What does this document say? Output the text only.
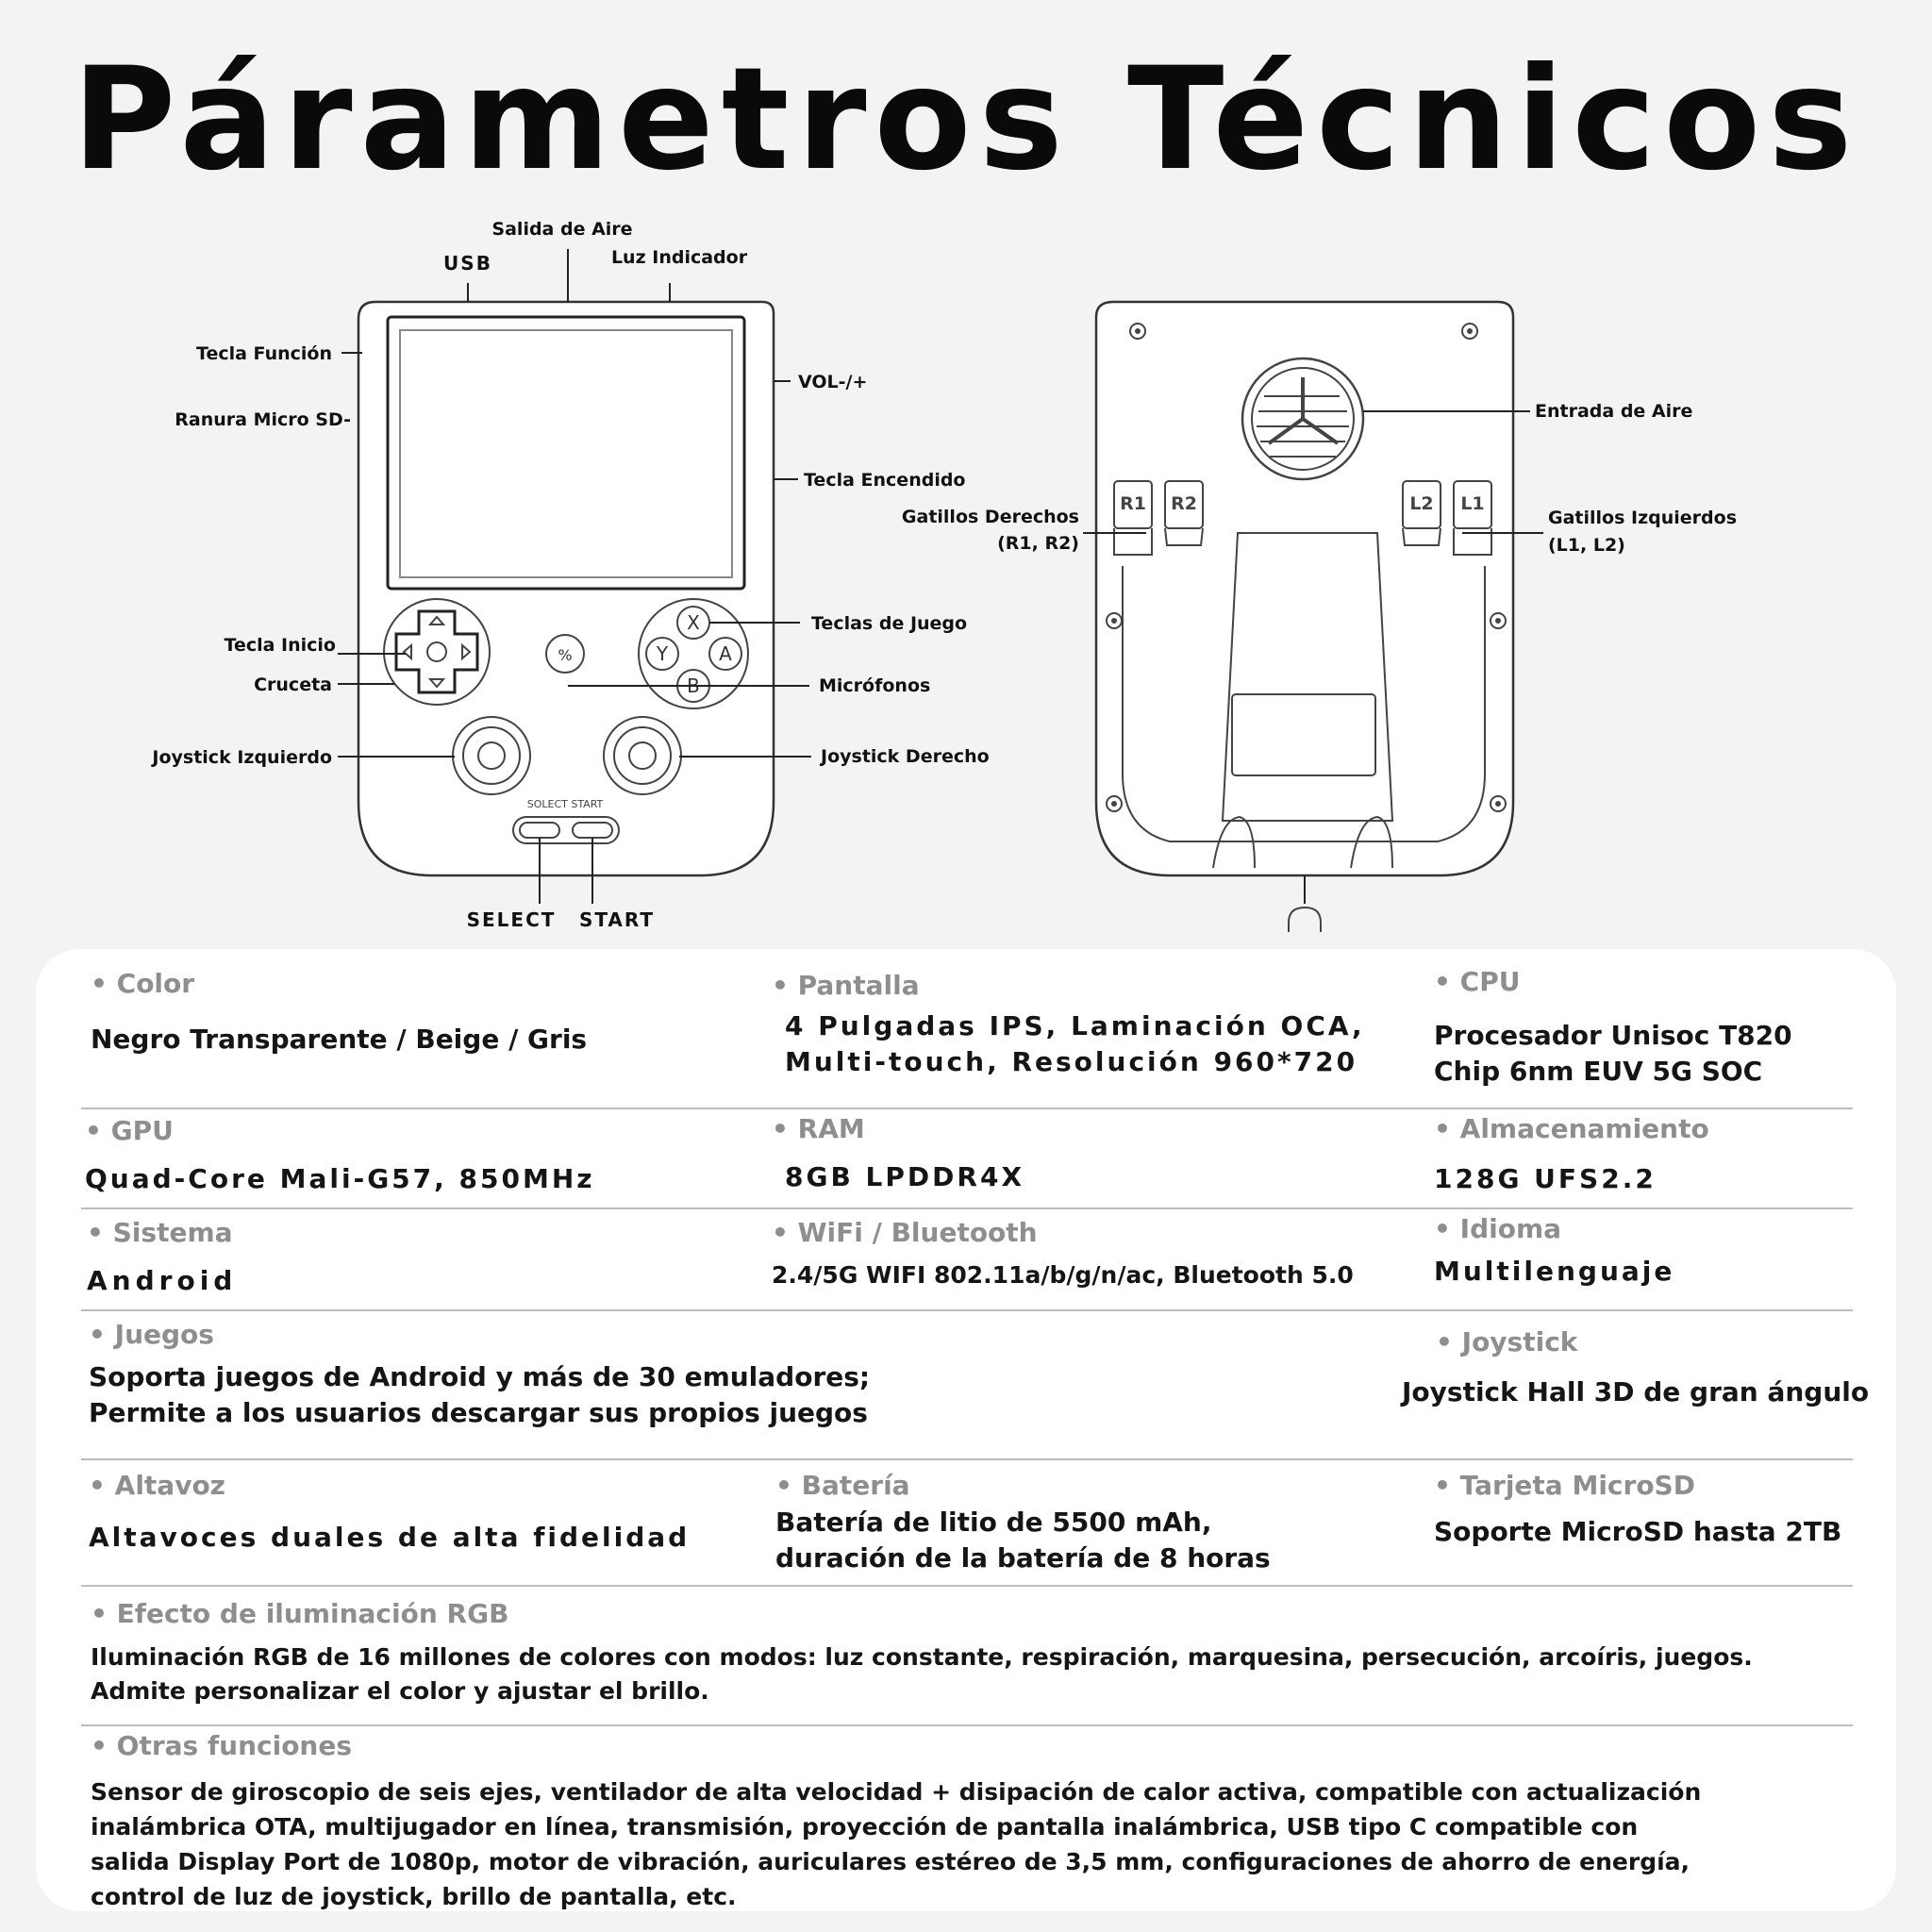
Párametros Técnicos
%
X
B
Y	A
SOLECT START
Salida de Aire
USB	Luz Indicador
Tecla Función
Ranura Micro SD-
VOL-/+
Tecla Encendido
Tecla Inicio
Cruceta
Joystick Izquierdo
Teclas de Juego
Micrófonos
Joystick Derecho
SELECT START
R1 R2	L2 L1
Entrada de Aire
Gatillos Derechos
(R1, R2)
Gatillos Izquierdos
(L1, L2)
• Color
Negro Transparente / Beige / Gris
• Pantalla
4 Pulgadas IPS, Laminación OCA,
Multi-touch, Resolución 960*720
• CPU
Procesador Unisoc T820
Chip 6nm EUV 5G SOC
• GPU
Quad-Core Mali-G57, 850MHz
• RAM
8GB LPDDR4X
• Almacenamiento
128G UFS2.2
• Sistema
Android
• WiFi / Bluetooth
2.4/5G WIFI 802.11a/b/g/n/ac, Bluetooth 5.0
• Idioma
Multilenguaje
• Juegos
Soporta juegos de Android y más de 30 emuladores;
Permite a los usuarios descargar sus propios juegos
• Joystick
Joystick Hall 3D de gran ángulo
• Altavoz
Altavoces duales de alta fidelidad
• Batería
Batería de litio de 5500 mAh,
duración de la batería de 8 horas
• Tarjeta MicroSD
Soporte MicroSD hasta 2TB
• Efecto de iluminación RGB
Iluminación RGB de 16 millones de colores con modos: luz constante, respiración, marquesina, persecución, arcoíris, juegos.
Admite personalizar el color y ajustar el brillo.
• Otras funciones
Sensor de giroscopio de seis ejes, ventilador de alta velocidad + disipación de calor activa, compatible con actualización
inalámbrica OTA, multijugador en línea, transmisión, proyección de pantalla inalámbrica, USB tipo C compatible con
salida Display Port de 1080p, motor de vibración, auriculares estéreo de 3,5 mm, configuraciones de ahorro de energía,
control de luz de joystick, brillo de pantalla, etc.
